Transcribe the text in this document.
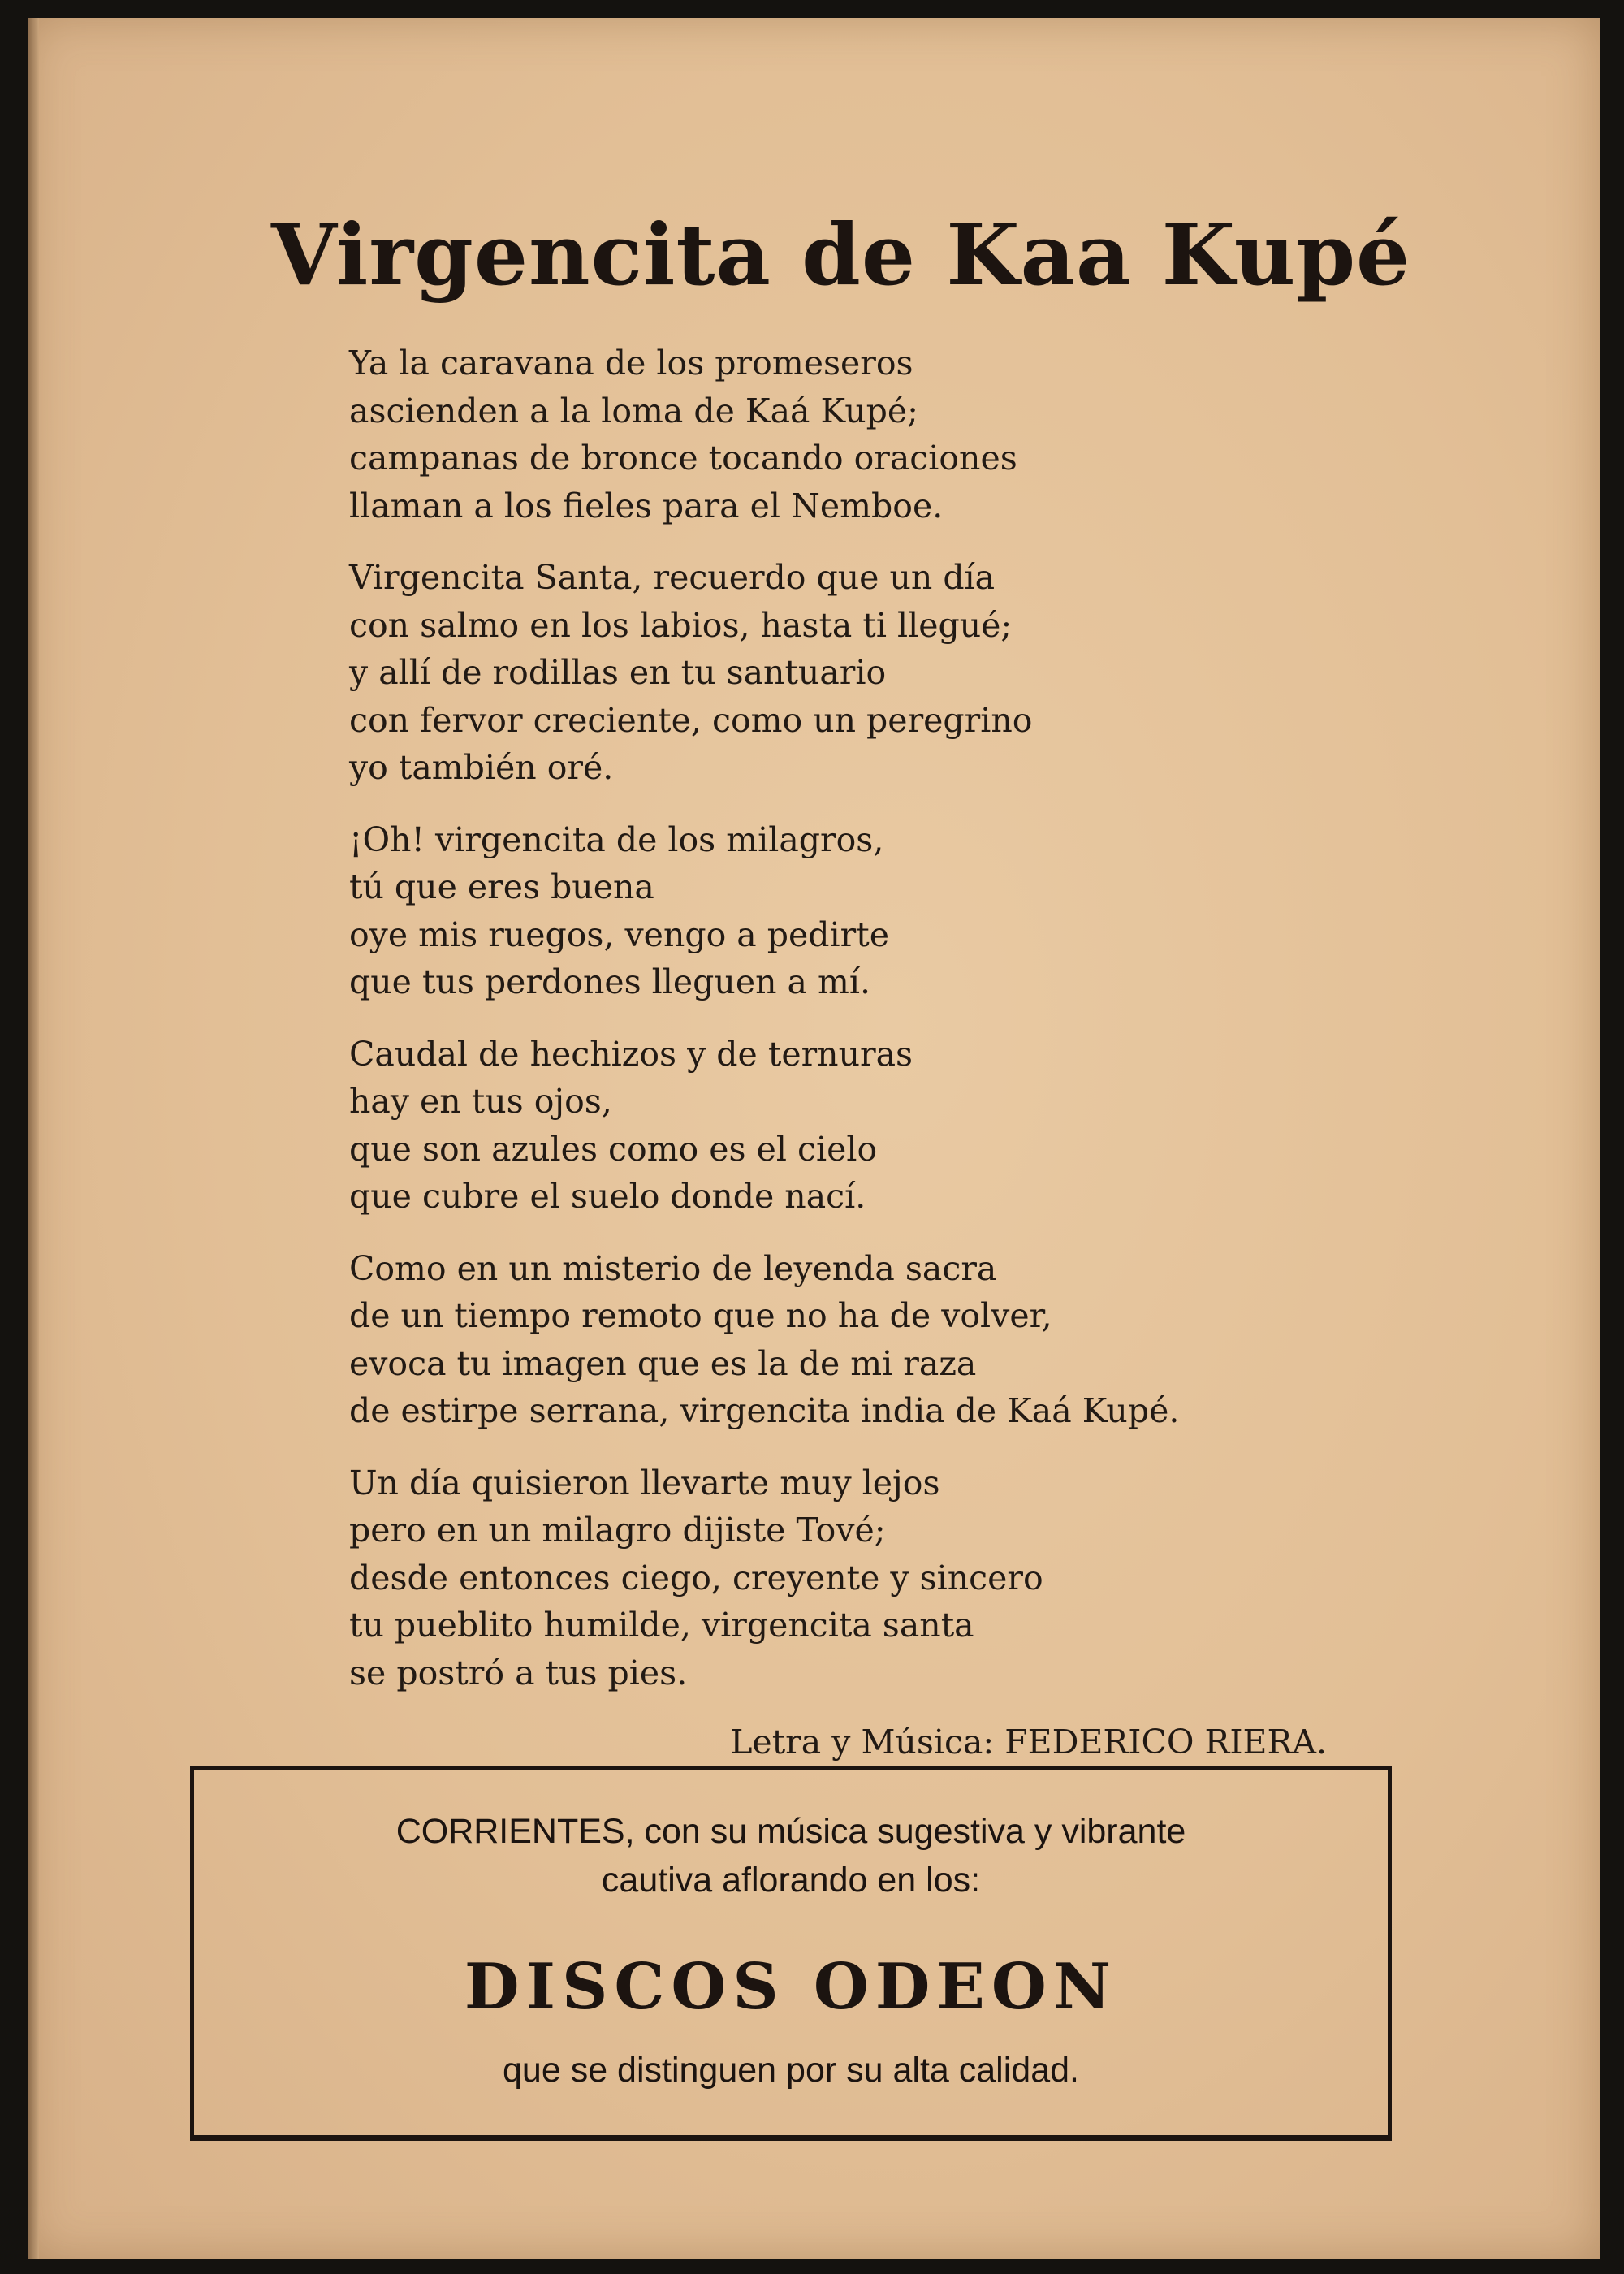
Virgencita de Kaa Kupé
Ya la caravana de los promeseros
ascienden a la loma de Kaá Kupé;
campanas de bronce tocando oraciones
llaman a los fieles para el Nemboe.
Virgencita Santa, recuerdo que un día
con salmo en los labios, hasta ti llegué;
y allí de rodillas en tu santuario
con fervor creciente, como un peregrino
yo también oré.
¡Oh! virgencita de los milagros,
tú que eres buena
oye mis ruegos, vengo a pedirte
que tus perdones lleguen a mí.
Caudal de hechizos y de ternuras
hay en tus ojos,
que son azules como es el cielo
que cubre el suelo donde nací.
Como en un misterio de leyenda sacra
de un tiempo remoto que no ha de volver,
evoca tu imagen que es la de mi raza
de estirpe serrana, virgencita india de Kaá Kupé.
Un día quisieron llevarte muy lejos
pero en un milagro dijiste Tové;
desde entonces ciego, creyente y sincero
tu pueblito humilde, virgencita santa
se postró a tus pies.
Letra y Música: FEDERICO RIERA.
CORRIENTES, con su música sugestiva y vibrante
cautiva aflorando en los:
DISCOS ODEON
que se distinguen por su alta calidad.
